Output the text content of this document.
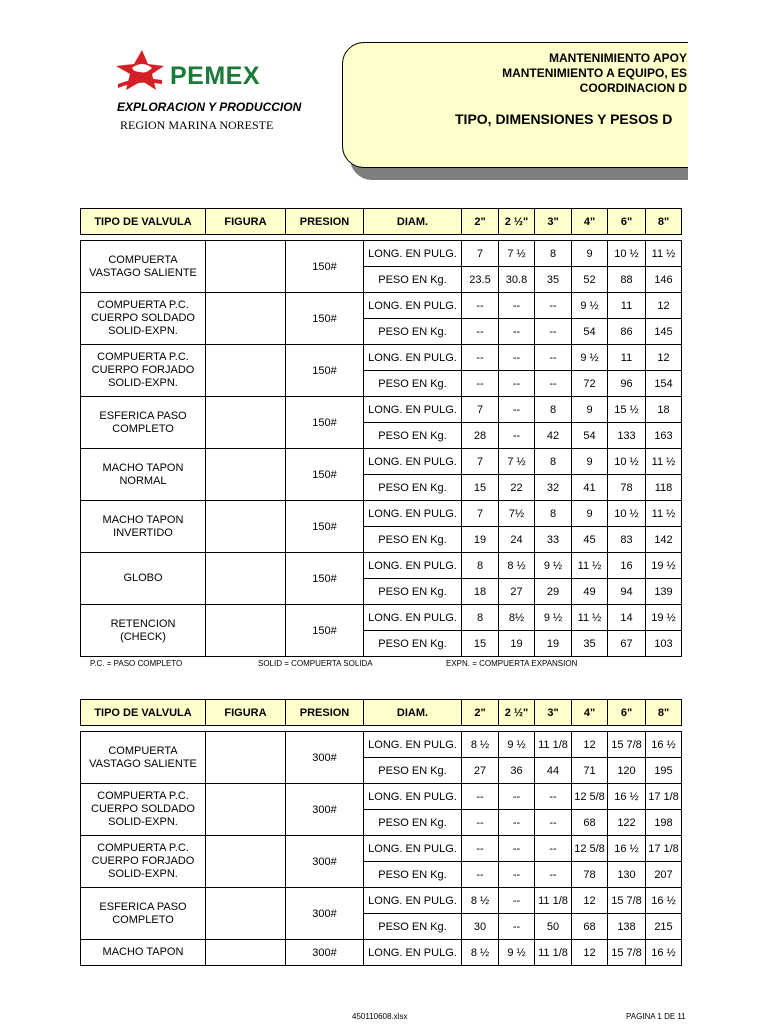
PEMEX
EXPLORACION Y PRODUCCION
REGION MARINA NORESTE
MANTENIMIENTO APOY
MANTENIMIENTO A EQUIPO, ES
COORDINACION D
TIPO, DIMENSIONES Y PESOS D
TIPO DE VALVULA	FIGURA	PRESION	DIAM.	2"	2 ½"	3"	4"	6"	8"

COMPUERTA
VASTAGO SALIENTE		150#	LONG. EN PULG.	7	7 ½	8	9	10 ½	11 ½
			PESO EN Kg.	23.5	30.8	35	52	88	146
COMPUERTA P.C.
CUERPO SOLDADO
SOLID-EXPN.		150#	LONG. EN PULG.	--	--	--	9 ½	11	12
			PESO EN Kg.	--	--	--	54	86	145
COMPUERTA P.C.
CUERPO FORJADO
SOLID-EXPN.		150#	LONG. EN PULG.	--	--	--	9 ½	11	12
			PESO EN Kg.	--	--	--	72	96	154
ESFERICA PASO
COMPLETO		150#	LONG. EN PULG.	7	--	8	9	15 ½	18
			PESO EN Kg.	28	--	42	54	133	163
MACHO TAPON
NORMAL		150#	LONG. EN PULG.	7	7 ½	8	9	10 ½	11 ½
			PESO EN Kg.	15	22	32	41	78	118
MACHO TAPON
INVERTIDO		150#	LONG. EN PULG.	7	7½	8	9	10 ½	11 ½
			PESO EN Kg.	19	24	33	45	83	142
GLOBO		150#	LONG. EN PULG.	8	8 ½	9 ½	11 ½	16	19 ½
			PESO EN Kg.	18	27	29	49	94	139
RETENCION
(CHECK)		150#	LONG. EN PULG.	8	8½	9 ½	11 ½	14	19 ½
			PESO EN Kg.	15	19	19	35	67	103
P.C. = PASO COMPLETO	SOLID = COMPUERTA SOLIDA	EXPN. = COMPUERTA EXPANSION
TIPO DE VALVULA	FIGURA	PRESION	DIAM.	2"	2 ½"	3"	4"	6"	8"

COMPUERTA
VASTAGO SALIENTE		300#	LONG. EN PULG.	8 ½	9 ½	11 1/8	12	15 7/8	16 ½
			PESO EN Kg.	27	36	44	71	120	195
COMPUERTA P.C.
CUERPO SOLDADO
SOLID-EXPN.		300#	LONG. EN PULG.	--	--	--	12 5/8	16 ½	17 1/8
			PESO EN Kg.	--	--	--	68	122	198
COMPUERTA P.C.
CUERPO FORJADO
SOLID-EXPN.		300#	LONG. EN PULG.	--	--	--	12 5/8	16 ½	17 1/8
			PESO EN Kg.	--	--	--	78	130	207
ESFERICA PASO
COMPLETO		300#	LONG. EN PULG.	8 ½	--	11 1/8	12	15 7/8	16 ½
			PESO EN Kg.	30	--	50	68	138	215
MACHO TAPON		300#	LONG. EN PULG.	8 ½	9 ½	11 1/8	12	15 7/8	16 ½
450110608.xlsx	PAGINA 1 DE 11
